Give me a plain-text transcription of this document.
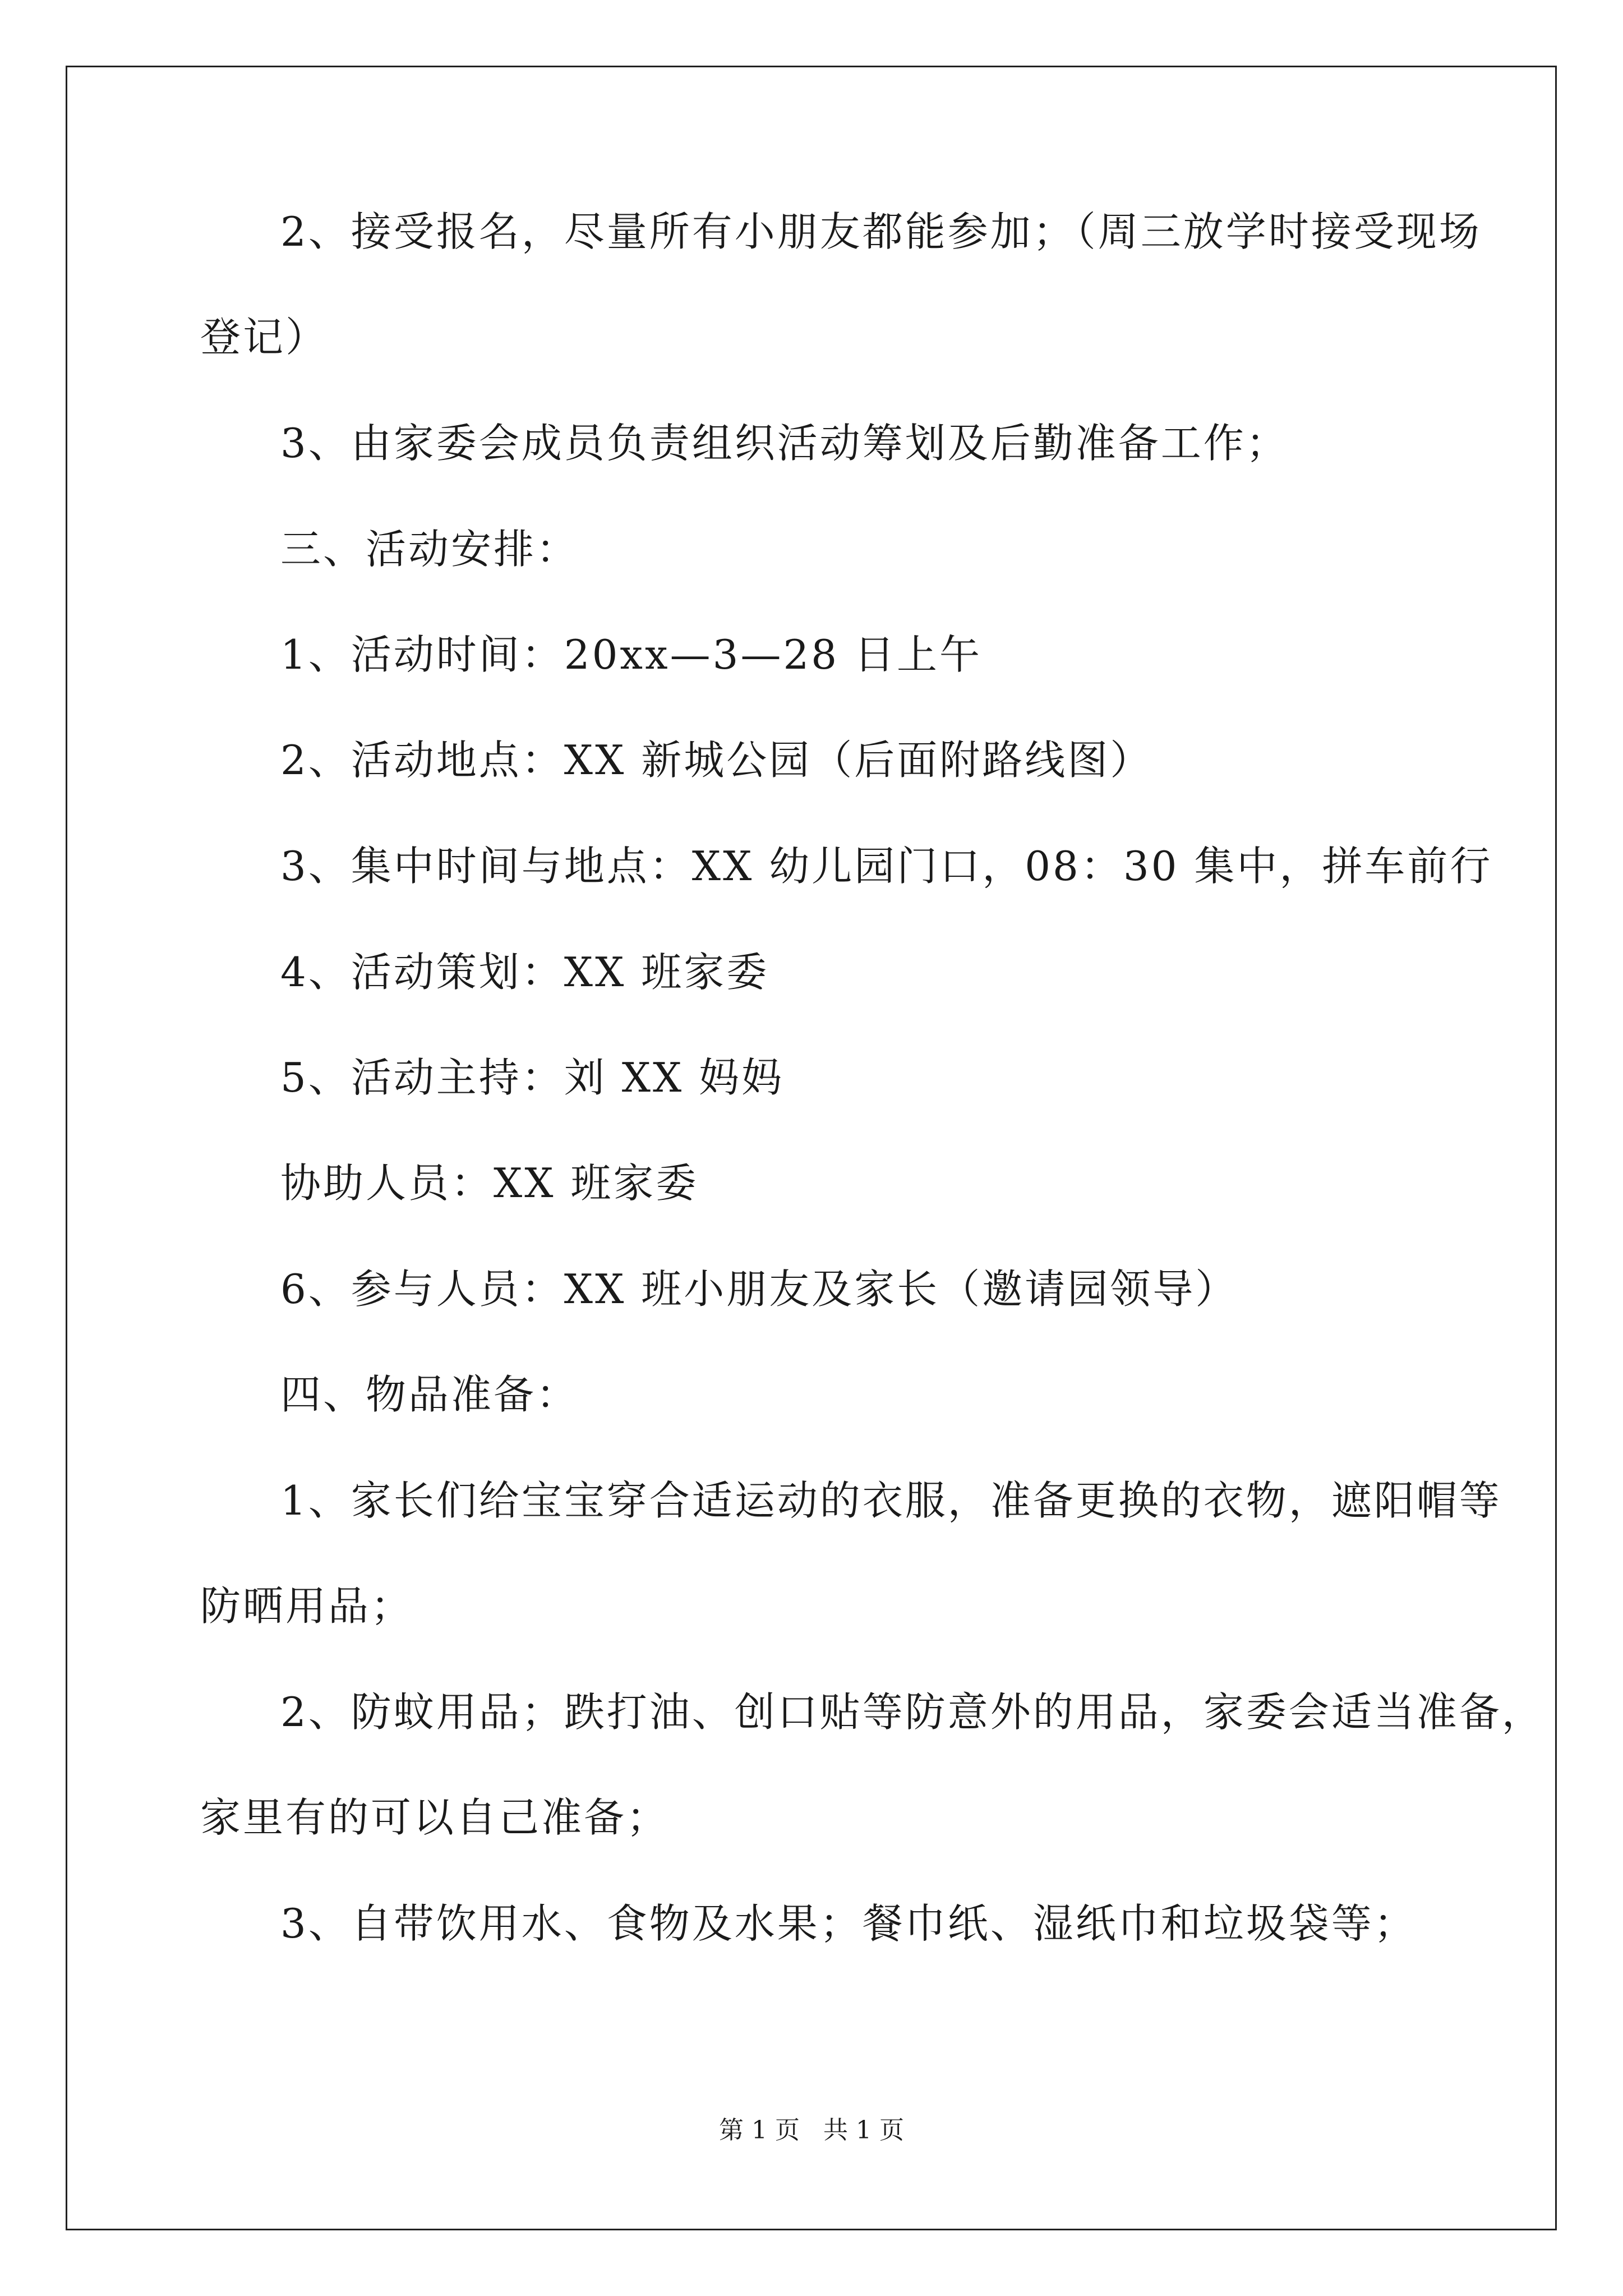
2、接受报名，尽量所有小朋友都能参加；（周三放学时接受现场
登记）
3、由家委会成员负责组织活动筹划及后勤准备工作；
三、活动安排：
1、活动时间：20xx—3—28 日上午
2、活动地点：XX 新城公园（后面附路线图）
3、集中时间与地点：XX 幼儿园门口，08：30 集中，拼车前行
4、活动策划：XX 班家委
5、活动主持：刘 XX 妈妈
协助人员：XX 班家委
6、参与人员：XX 班小朋友及家长（邀请园领导）
四、物品准备：
1、家长们给宝宝穿合适运动的衣服，准备更换的衣物，遮阳帽等
防晒用品；
2、防蚊用品；跌打油、创口贴等防意外的用品，家委会适当准备，
家里有的可以自己准备；
3、自带饮用水、食物及水果；餐巾纸、湿纸巾和垃圾袋等；
第 1 页   共 1 页
